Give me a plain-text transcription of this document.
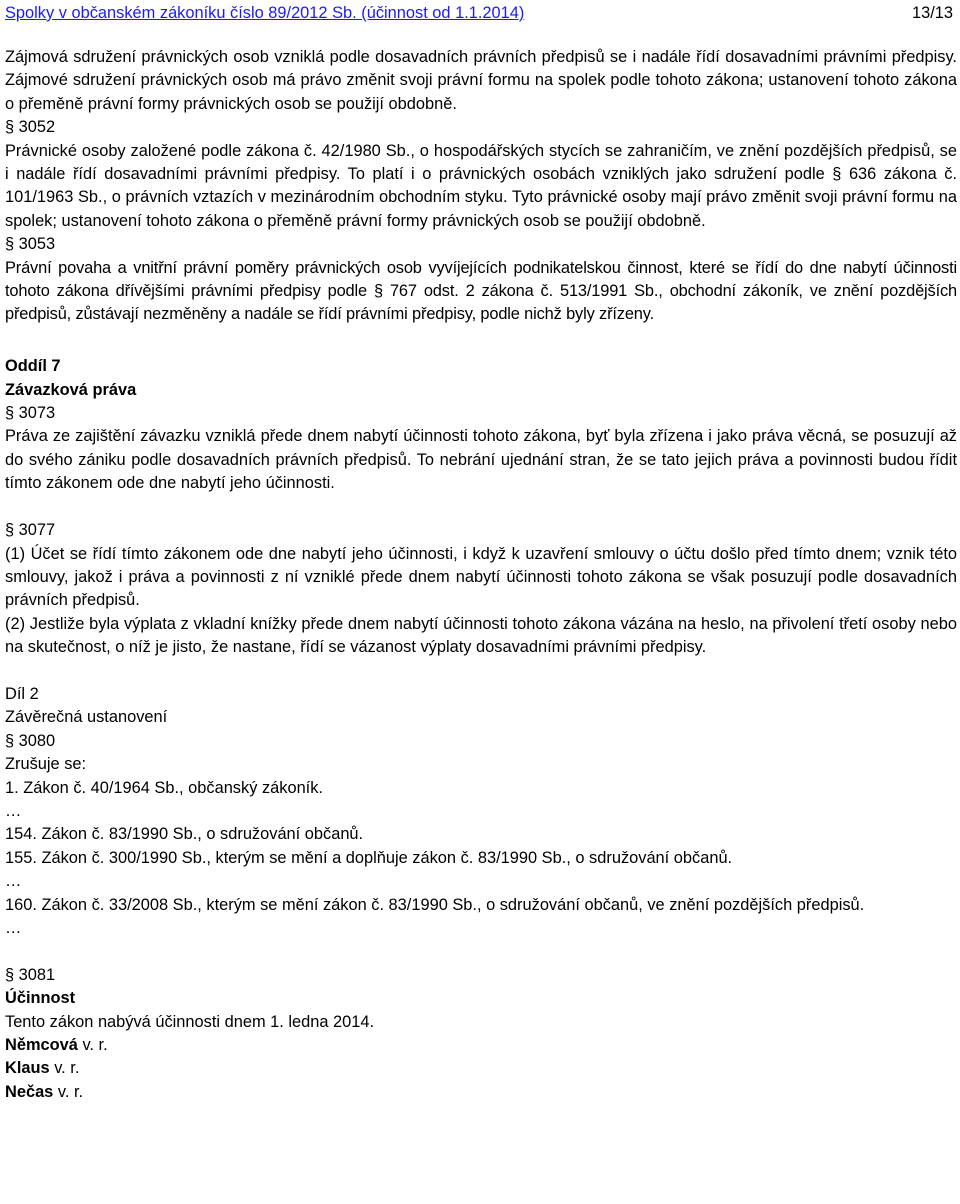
Spolky v občanském zákoníku číslo 89/2012 Sb. (účinnost od 1.1.2014)	13/13

Zájmová sdružení právnických osob vzniklá podle dosavadních právních předpisů se i nadále řídí dosavadními právními předpisy. Zájmové sdružení právnických osob má právo změnit svoji právní formu na spolek podle tohoto zákona; ustanovení tohoto zákona o přeměně právní formy právnických osob se použijí obdobně.

§ 3052

Právnické osoby založené podle zákona č. 42/1980 Sb., o hospodářských stycích se zahraničím, ve znění pozdějších předpisů, se i nadále řídí dosavadními právními předpisy. To platí i o právnických osobách vzniklých jako sdružení podle § 636 zákona č. 101/1963 Sb., o právních vztazích v mezinárodním obchodním styku. Tyto právnické osoby mají právo změnit svoji právní formu na spolek; ustanovení tohoto zákona o přeměně právní formy právnických osob se použijí obdobně.

§ 3053

Právní povaha a vnitřní právní poměry právnických osob vyvíjejících podnikatelskou činnost, které se řídí do dne nabytí účinnosti tohoto zákona dřívějšími právními předpisy podle § 767 odst. 2 zákona č. 513/1991 Sb., obchodní zákoník, ve znění pozdějších předpisů, zůstávají nezměněny a nadále se řídí právními předpisy, podle nichž byly zřízeny.

Oddíl 7
Závazková práva
§ 3073

Práva ze zajištění závazku vzniklá přede dnem nabytí účinnosti tohoto zákona, byť byla zřízena i jako práva věcná, se posuzují až do svého zániku podle dosavadních právních předpisů. To nebrání ujednání stran, že se tato jejich práva a povinnosti budou řídit tímto zákonem ode dne nabytí jeho účinnosti.

§ 3077

(1) Účet se řídí tímto zákonem ode dne nabytí jeho účinnosti, i když k uzavření smlouvy o účtu došlo před tímto dnem; vznik této smlouvy, jakož i práva a povinnosti z ní vzniklé přede dnem nabytí účinnosti tohoto zákona se však posuzují podle dosavadních právních předpisů.

(2) Jestliže byla výplata z vkladní knížky přede dnem nabytí účinnosti tohoto zákona vázána na heslo, na přivolení třetí osoby nebo na skutečnost, o níž je jisto, že nastane, řídí se vázanost výplaty dosavadními právními předpisy.

Díl 2
Závěrečná ustanovení
§ 3080
Zrušuje se:
1. Zákon č. 40/1964 Sb., občanský zákoník.
…
154. Zákon č. 83/1990 Sb., o sdružování občanů.
155. Zákon č. 300/1990 Sb., kterým se mění a doplňuje zákon č. 83/1990 Sb., o sdružování občanů.
…
160. Zákon č. 33/2008 Sb., kterým se mění zákon č. 83/1990 Sb., o sdružování občanů, ve znění pozdějších předpisů.
…
§ 3081
Účinnost
Tento zákon nabývá účinnosti dnem 1. ledna 2014.
Němcová v. r.
Klaus v. r.
Nečas v. r.
